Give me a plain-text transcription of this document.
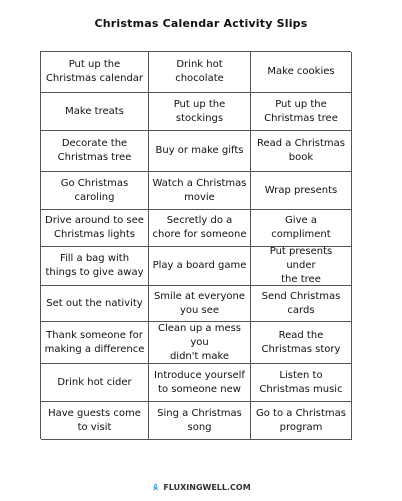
Christmas Calendar Activity Slips
Put up the
Christmas calendar
Drink hot
chocolate
Make cookies
Make treats
Put up the
stockings
Put up the
Christmas tree
Decorate the
Christmas tree
Buy or make gifts
Read a Christmas
book
Go Christmas
caroling
Watch a Christmas
movie
Wrap presents
Drive around to see
Christmas lights
Secretly do a
chore for someone
Give a compliment
Fill a bag with
things to give away
Play a board game
Put presents under
the tree
Set out the nativity
Smile at everyone
you see
Send Christmas
cards
Thank someone for
making a difference
Clean up a mess you
didn't make
Read the
Christmas story
Drink hot cider
Introduce yourself
to someone new
Listen to
Christmas music
Have guests come
to visit
Sing a Christmas
song
Go to a Christmas
program
FLUXINGWELL.COM
